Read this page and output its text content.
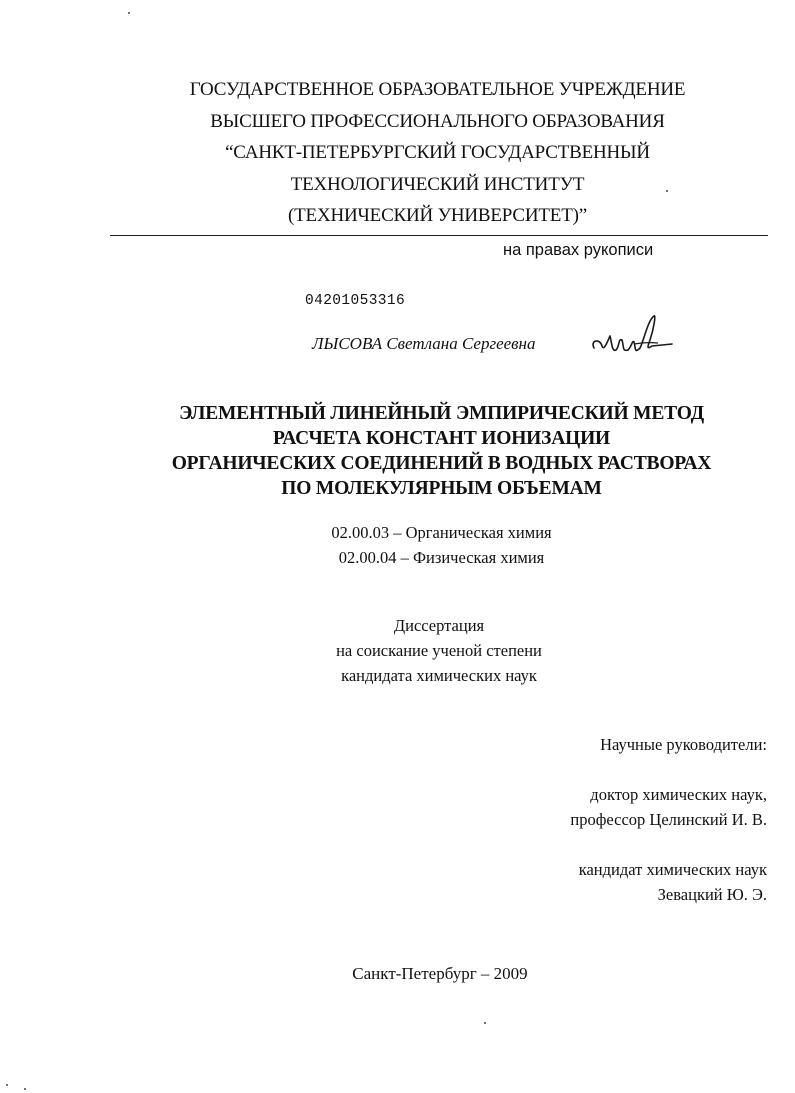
ГОСУДАРСТВЕННОЕ ОБРАЗОВАТЕЛЬНОЕ УЧРЕЖДЕНИЕ
ВЫСШЕГО ПРОФЕССИОНАЛЬНОГО ОБРАЗОВАНИЯ
“САНКТ-ПЕТЕРБУРГСКИЙ ГОСУДАРСТВЕННЫЙ
ТЕХНОЛОГИЧЕСКИЙ ИНСТИТУТ
(ТЕХНИЧЕСКИЙ УНИВЕРСИТЕТ)”
на правах рукописи
04201053316
ЛЫСОВА Светлана Сергеевна
ЭЛЕМЕНТНЫЙ ЛИНЕЙНЫЙ ЭМПИРИЧЕСКИЙ МЕТОД
РАСЧЕТА КОНСТАНТ ИОНИЗАЦИИ
ОРГАНИЧЕСКИХ СОЕДИНЕНИЙ В ВОДНЫХ РАСТВОРАХ
ПО МОЛЕКУЛЯРНЫМ ОБЪЕМАМ
02.00.03 – Органическая химия
02.00.04 – Физическая химия
Диссертация
на соискание ученой степени
кандидата химических наук
Научные руководители:
доктор химических наук,
профессор Целинский И. В.
кандидат химических наук
Зевацкий Ю. Э.
Санкт-Петербург – 2009
